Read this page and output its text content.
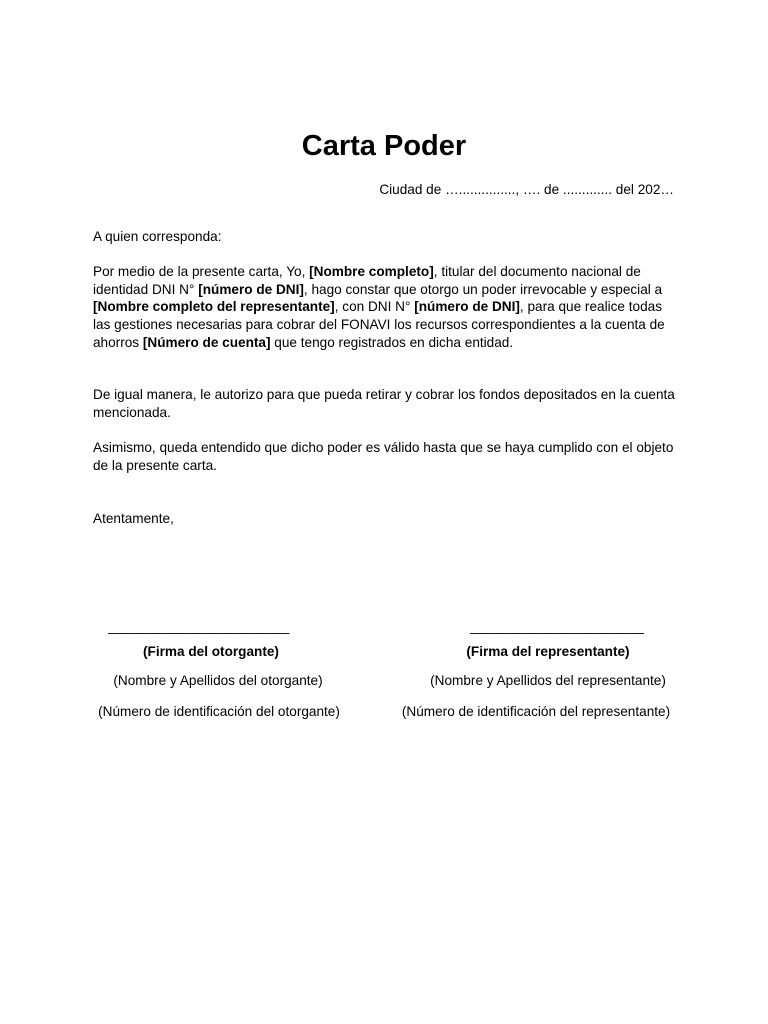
Carta Poder
Ciudad de …..............., …. de ............. del 202…
A quien corresponda:
Por medio de la presente carta, Yo, [Nombre completo], titular del documento nacional de identidad DNI N° [número de DNI], hago constar que otorgo un poder irrevocable y especial a [Nombre completo del representante], con DNI N° [número de DNI], para que realice todas las gestiones necesarias para cobrar del FONAVI los recursos correspondientes a la cuenta de ahorros [Número de cuenta] que tengo registrados en dicha entidad.
De igual manera, le autorizo para que pueda retirar y cobrar los fondos depositados en la cuenta mencionada.
Asimismo, queda entendido que dicho poder es válido hasta que se haya cumplido con el objeto de la presente carta.
Atentamente,
________________________	_______________________
(Firma del otorgante)
(Nombre y Apellidos del otorgante)
(Número de identificación del otorgante)
(Firma del representante)
(Nombre y Apellidos del representante)
(Número de identificación del representante)
